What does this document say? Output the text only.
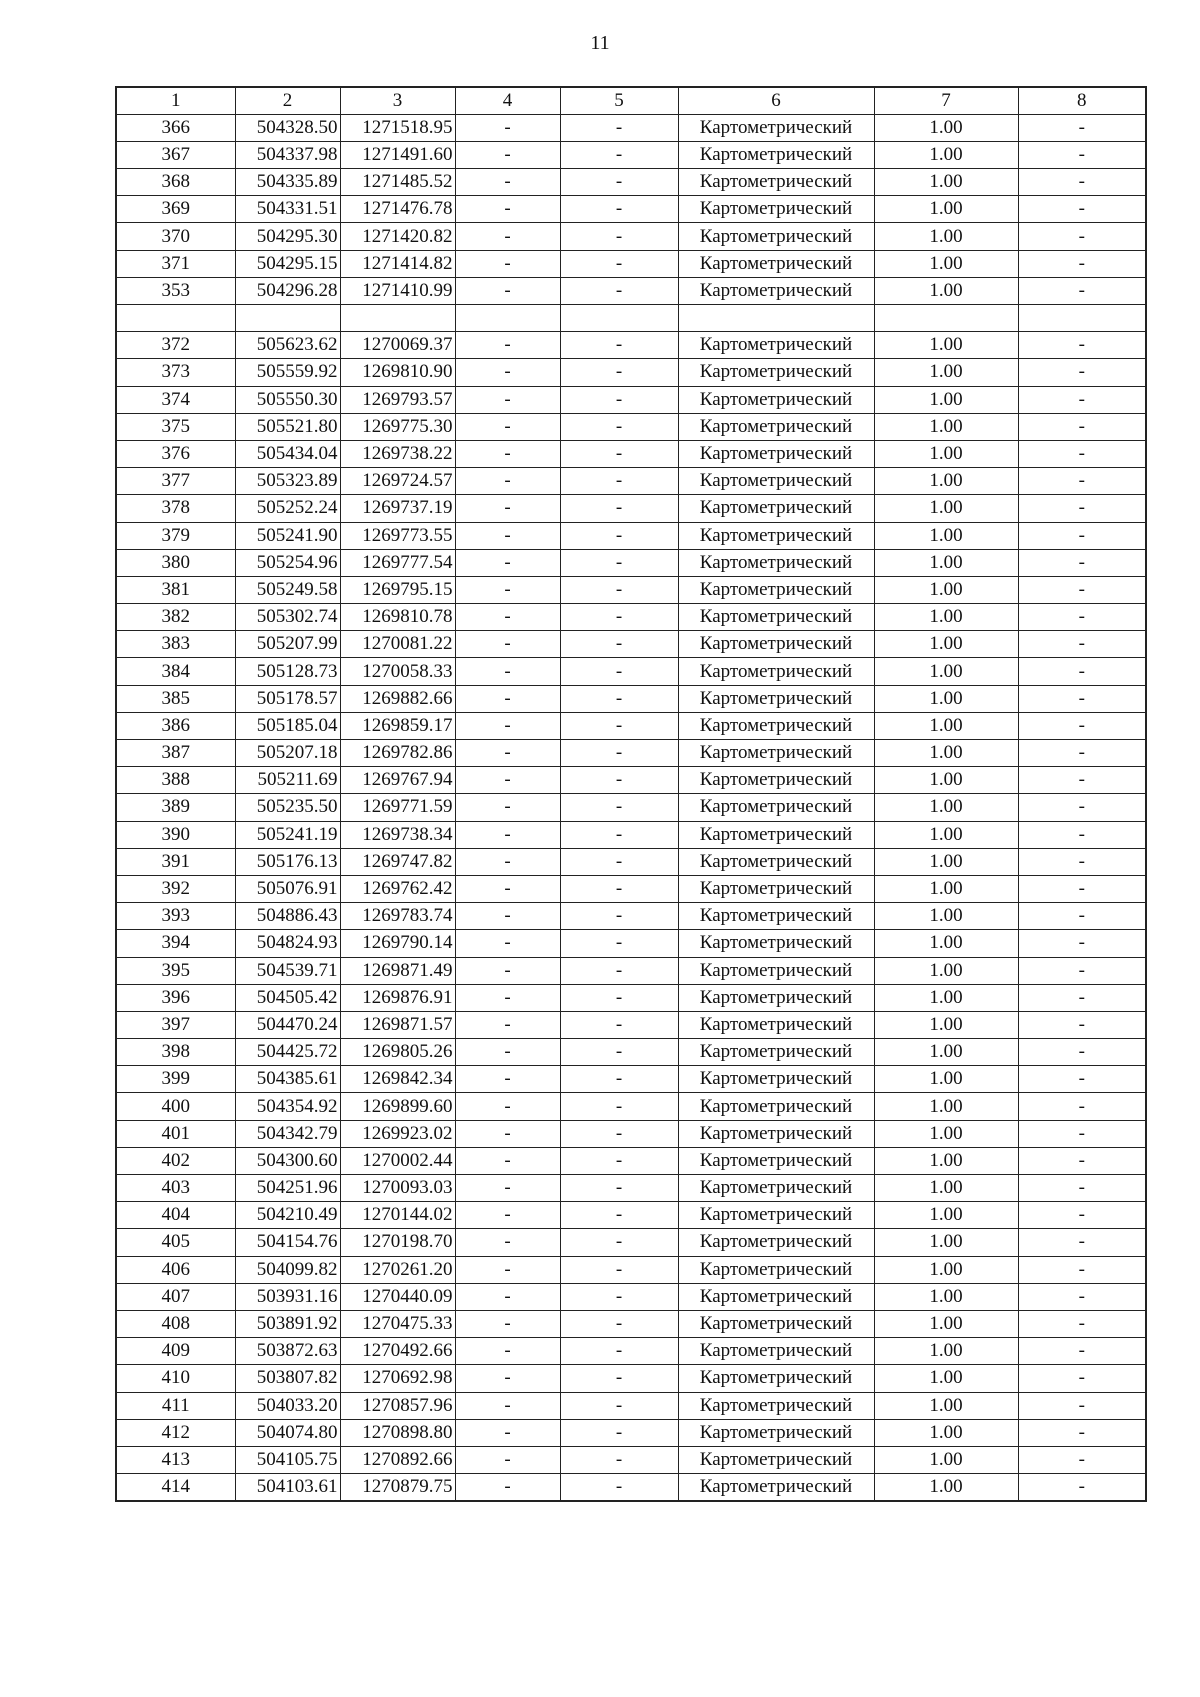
11
1	2	3	4	5	6	7	8
366	504328.50	1271518.95	-	-	Картометрический	1.00	-
367	504337.98	1271491.60	-	-	Картометрический	1.00	-
368	504335.89	1271485.52	-	-	Картометрический	1.00	-
369	504331.51	1271476.78	-	-	Картометрический	1.00	-
370	504295.30	1271420.82	-	-	Картометрический	1.00	-
371	504295.15	1271414.82	-	-	Картометрический	1.00	-
353	504296.28	1271410.99	-	-	Картометрический	1.00	-

372	505623.62	1270069.37	-	-	Картометрический	1.00	-
373	505559.92	1269810.90	-	-	Картометрический	1.00	-
374	505550.30	1269793.57	-	-	Картометрический	1.00	-
375	505521.80	1269775.30	-	-	Картометрический	1.00	-
376	505434.04	1269738.22	-	-	Картометрический	1.00	-
377	505323.89	1269724.57	-	-	Картометрический	1.00	-
378	505252.24	1269737.19	-	-	Картометрический	1.00	-
379	505241.90	1269773.55	-	-	Картометрический	1.00	-
380	505254.96	1269777.54	-	-	Картометрический	1.00	-
381	505249.58	1269795.15	-	-	Картометрический	1.00	-
382	505302.74	1269810.78	-	-	Картометрический	1.00	-
383	505207.99	1270081.22	-	-	Картометрический	1.00	-
384	505128.73	1270058.33	-	-	Картометрический	1.00	-
385	505178.57	1269882.66	-	-	Картометрический	1.00	-
386	505185.04	1269859.17	-	-	Картометрический	1.00	-
387	505207.18	1269782.86	-	-	Картометрический	1.00	-
388	505211.69	1269767.94	-	-	Картометрический	1.00	-
389	505235.50	1269771.59	-	-	Картометрический	1.00	-
390	505241.19	1269738.34	-	-	Картометрический	1.00	-
391	505176.13	1269747.82	-	-	Картометрический	1.00	-
392	505076.91	1269762.42	-	-	Картометрический	1.00	-
393	504886.43	1269783.74	-	-	Картометрический	1.00	-
394	504824.93	1269790.14	-	-	Картометрический	1.00	-
395	504539.71	1269871.49	-	-	Картометрический	1.00	-
396	504505.42	1269876.91	-	-	Картометрический	1.00	-
397	504470.24	1269871.57	-	-	Картометрический	1.00	-
398	504425.72	1269805.26	-	-	Картометрический	1.00	-
399	504385.61	1269842.34	-	-	Картометрический	1.00	-
400	504354.92	1269899.60	-	-	Картометрический	1.00	-
401	504342.79	1269923.02	-	-	Картометрический	1.00	-
402	504300.60	1270002.44	-	-	Картометрический	1.00	-
403	504251.96	1270093.03	-	-	Картометрический	1.00	-
404	504210.49	1270144.02	-	-	Картометрический	1.00	-
405	504154.76	1270198.70	-	-	Картометрический	1.00	-
406	504099.82	1270261.20	-	-	Картометрический	1.00	-
407	503931.16	1270440.09	-	-	Картометрический	1.00	-
408	503891.92	1270475.33	-	-	Картометрический	1.00	-
409	503872.63	1270492.66	-	-	Картометрический	1.00	-
410	503807.82	1270692.98	-	-	Картометрический	1.00	-
411	504033.20	1270857.96	-	-	Картометрический	1.00	-
412	504074.80	1270898.80	-	-	Картометрический	1.00	-
413	504105.75	1270892.66	-	-	Картометрический	1.00	-
414	504103.61	1270879.75	-	-	Картометрический	1.00	-
